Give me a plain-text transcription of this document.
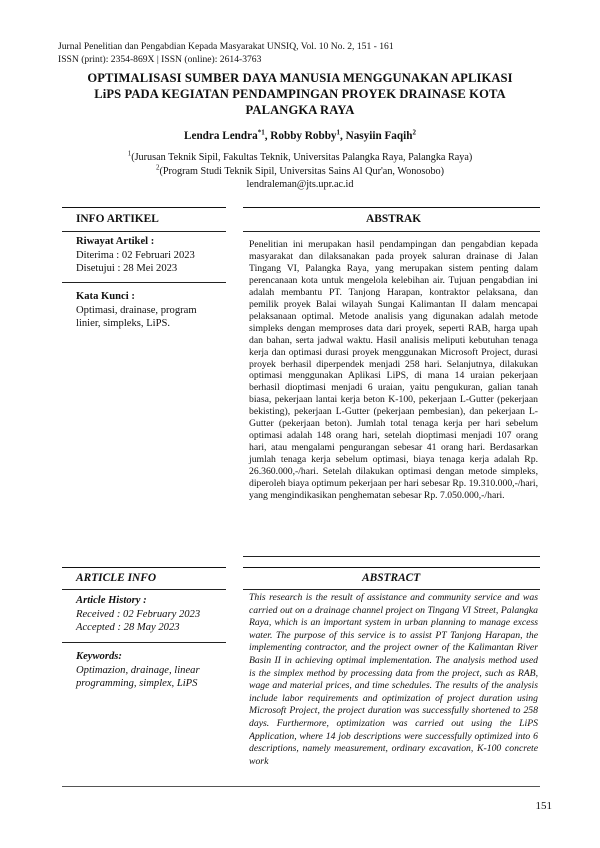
Jurnal Penelitian dan Pengabdian Kepada Masyarakat UNSIQ, Vol. 10 No. 2, 151 - 161
ISSN (print): 2354-869X | ISSN (online): 2614-3763
OPTIMALISASI SUMBER DAYA MANUSIA MENGGUNAKAN APLIKASI
LiPS PADA KEGIATAN PENDAMPINGAN PROYEK DRAINASE KOTA
PALANGKA RAYA
Lendra Lendra$^{*1}$, Robby Robby$^1$, Nasyiin Faqih$^2$
$^1$(Jurusan Teknik Sipil, Fakultas Teknik, Universitas Palangka Raya, Palangka Raya)
$^2$(Program Studi Teknik Sipil, Universitas Sains Al Qur'an, Wonosobo)
lendraleman@jts.upr.ac.id
INFO ARTIKEL	ABSTRAK
Riwayat Artikel :
Diterima : 02 Februari 2023
Disetujui : 28 Mei 2023
Kata Kunci :
Optimasi, drainase, program
linier, simpleks, LiPS.
Penelitian ini merupakan hasil pendampingan dan pengabdian kepada masyarakat dan dilaksanakan pada proyek saluran drainase di Jalan Tingang VI, Palangka Raya, yang merupakan sistem penting dalam perencanaan kota untuk mengelola kelebihan air. Tujuan pengabdian ini adalah membantu PT. Tanjong Harapan, kontraktor pelaksana, dan pemilik proyek Balai wilayah Sungai Kalimantan II dalam mencapai pelaksanaan optimal. Metode analisis yang digunakan adalah metode simpleks dengan memproses data dari proyek, seperti RAB, harga upah dan bahan, serta jadwal waktu. Hasil analisis meliputi kebutuhan tenaga kerja dan optimasi durasi proyek menggunakan Microsoft Project, durasi proyek berhasil diperpendek menjadi 258 hari. Selanjutnya, dilakukan optimasi menggunakan Aplikasi LiPS, di mana 14 uraian pekerjaan berhasil dioptimasi menjadi 6 uraian, yaitu pengukuran, galian tanah biasa, pekerjaan lantai kerja beton K-100, pekerjaan L-Gutter (pekerjaan bekisting), pekerjaan L-Gutter (pekerjaan pembesian), dan pekerjaan L-Gutter (pekerjaan beton). Jumlah total tenaga kerja per hari sebelum optimasi adalah 148 orang hari, setelah dioptimasi menjadi 107 orang hari, atau mengalami pengurangan sebesar 41 orang hari. Berdasarkan jumlah tenaga kerja sebelum optimasi, biaya tenaga kerja adalah Rp. 26.360.000,-/hari. Setelah dilakukan optimasi dengan metode simpleks, diperoleh biaya optimum pekerjaan per hari sebesar Rp. 19.310.000,-/hari, yang mengindikasikan penghematan sebesar Rp. 7.050.000,-/hari.
ARTICLE INFO	ABSTRACT
Article History :
Received : 02 February 2023
Accepted : 28 May 2023
Keywords:
Optimazion, drainage, linear
programming, simplex, LiPS
This research is the result of assistance and community service and was carried out on a drainage channel project on Tingang VI Street, Palangka Raya, which is an important system in urban planning to manage excess water. The purpose of this service is to assist PT Tanjong Harapan, the implementing contractor, and the project owner of the Kalimantan River Basin II in achieving optimal implementation. The analysis method used is the simplex method by processing data from the project, such as RAB, wage and material prices, and time schedules. The results of the analysis include labor requirements and optimization of project duration using Microsoft Project, the project duration was successfully shortened to 258 days. Furthermore, optimization was carried out using the LiPS Application, where 14 job descriptions were successfully optimized into 6 descriptions, namely measurement, ordinary excavation, K-100 concrete work
151
